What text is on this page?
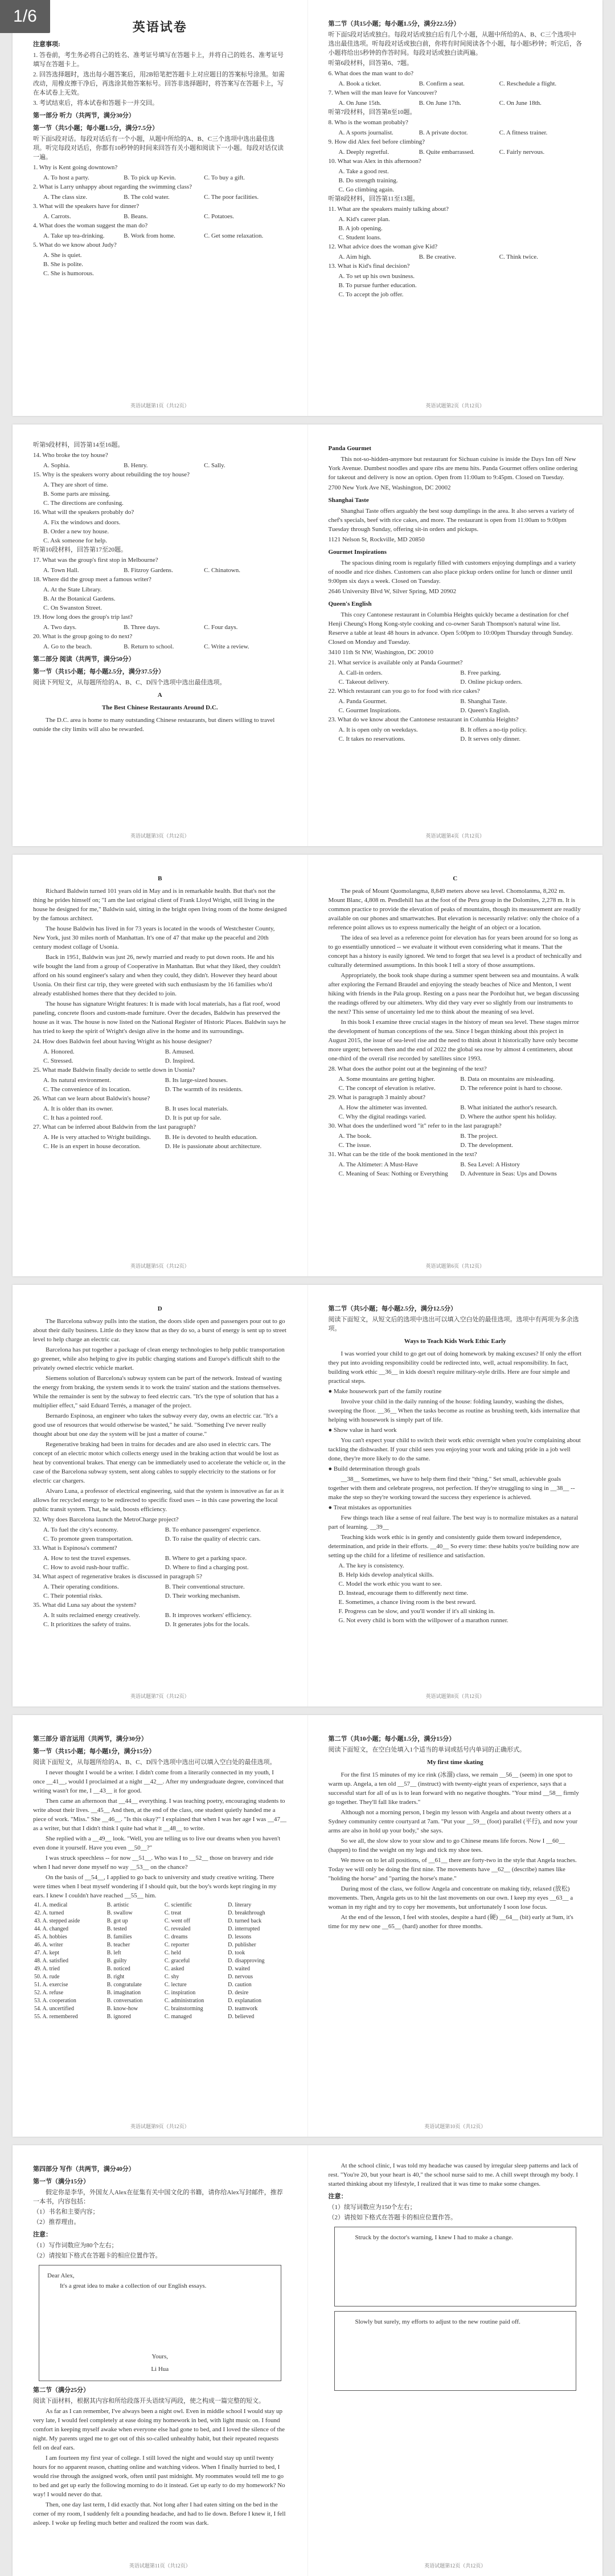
1/6
英语试卷
注意事项:

1. 答卷前，考生务必将自己的姓名、准考证号填写在答题卡上，并将自己的姓名、准考证号填写在答题卡上。

2. 回答选择题时，选出每小题答案后，用2B铅笔把答题卡上对应题目的答案标号涂黑。如需改动，用橡皮擦干净后，再选涂其他答案标号。回答非选择题时，将答案写在答题卡上，写在本试卷上无效。

3. 考试结束后，将本试卷和答题卡一并交回。

第一部分 听力（共两节，满分30分）
第一节（共5小题；每小题1.5分，满分7.5分）

听下面5段对话。每段对话后有一个小题，从题中所给的A、B、C三个选项中选出最佳选项。听完每段对话后，你都有10秒钟的时间来回答有关小题和阅读下一小题。每段对话仅读一遍。

1. Why is Kent going downtown?

A. To host a party.	B. To pick up Kevin.	C. To buy a gift.

2. What is Larry unhappy about regarding the swimming class?

A. The class size.	B. The cold water.	C. The poor facilities.

3. What will the speakers have for dinner?

A. Carrots.	B. Beans.	C. Potatoes.

4. What does the woman suggest the man do?

A. Take up tea-drinking.	B. Work from home.	C. Get some relaxation.

5. What do we know about Judy?

A. She is quiet.
B. She is polite.
C. She is humorous.
英语试题第1页（共12页）
第二节（共15小题；每小题1.5分，满分22.5分）

听下面5段对话或独白。每段对话或独白后有几个小题，从题中所给的A、B、C三个选项中选出最佳选项。听每段对话或独白前，你将有时间阅读各个小题，每小题5秒钟；听完后，各小题将给出5秒钟的作答时间。每段对话或独白读两遍。

听第6段材料，回答第6、7题。

6. What does the man want to do?

A. Book a ticket.	B. Confirm a seat.	C. Reschedule a flight.

7. When will the man leave for Vancouver?

A. On June 15th.	B. On June 17th.	C. On June 18th.

听第7段材料，回答第8至10题。

8. Who is the woman probably?

A. A sports journalist.	B. A private doctor.	C. A fitness trainer.

9. How did Alex feel before climbing?

A. Deeply regretful.	B. Quite embarrassed.	C. Fairly nervous.

10. What was Alex in this afternoon?

A. Take a good rest.
B. Do strength training.
C. Go climbing again.

听第8段材料，回答第11至13题。

11. What are the speakers mainly talking about?

A. Kid's career plan.
B. A job opening.
C. Student loans.

12. What advice does the woman give Kid?

A. Aim high.	B. Be creative.	C. Think twice.

13. What is Kid's final decision?

A. To set up his own business.
B. To pursue further education.
C. To accept the job offer.
英语试题第2页（共12页）

听第9段材料，回答第14至16题。

14. Who broke the toy house?

A. Sophia.	B. Henry.	C. Sally.

15. Why is the speakers worry about rebuilding the toy house?

A. They are short of time.
B. Some parts are missing.
C. The directions are confusing.

16. What will the speakers probably do?

A. Fix the windows and doors.
B. Order a new toy house.
C. Ask someone for help.

听第10段材料，回答第17至20题。

17. What was the group's first stop in Melbourne?

A. Town Hall.	B. Fitzroy Gardens.	C. Chinatown.

18. Where did the group meet a famous writer?

A. At the State Library.
B. At the Botanical Gardens.
C. On Swanston Street.

19. How long does the group's trip last?

A. Two days.	B. Three days.	C. Four days.

20. What is the group going to do next?

A. Go to the beach.	B. Return to school.	C. Write a review.
第二部分 阅读（共两节，满分50分）
第一节（共15小题；每小题2.5分，满分37.5分）

阅读下列短文，从每题所给的A、B、C、D四个选项中选出最佳选项。

A
The Best Chinese Restaurants Around D.C.

The D.C. area is home to many outstanding Chinese restaurants, but diners willing to travel outside the city limits will also be rewarded.

英语试题第3页（共12页）
Panda Gourmet

This not-so-hidden-anymore but restaurant for Sichuan cuisine is inside the Days Inn off New York Avenue. Dumbest noodles and spare ribs are menu hits. Panda Gourmet offers online ordering for takeout and delivery is now an option. Open from 11:00am to 9:45pm. Closed on Tuesday.

2700 New York Ave NE, Washington, DC 20002

Shanghai Taste

Shanghai Taste offers arguably the best soup dumplings in the area. It also serves a variety of chef's specials, beef with rice cakes, and more. The restaurant is open from 11:00am to 9:00pm Tuesday through Sunday, offering sit-in orders and pickups.

1121 Nelson St, Rockville, MD 20850

Gourmet Inspirations

The spacious dining room is regularly filled with customers enjoying dumplings and a variety of noodle and rice dishes. Customers can also place pickup orders online for lunch or dinner until 9:00pm six days a week. Closed on Tuesday.

2646 University Blvd W, Silver Spring, MD 20902

Queen's English

This cozy Cantonese restaurant in Columbia Heights quickly became a destination for chef Henji Cheung's Hong Kong-style cooking and co-owner Sarah Thompson's natural wine list. Reserve a table at least 48 hours in advance. Open 5:00pm to 10:00pm Thursday through Sunday. Closed on Monday and Tuesday.

3410 11th St NW, Washington, DC 20010

21. What service is available only at Panda Gourmet?

A. Call-in orders.	B. Free parking.
C. Takeout delivery.	D. Online pickup orders.

22. Which restaurant can you go to for food with rice cakes?

A. Panda Gourmet.	B. Shanghai Taste.
C. Gourmet Inspirations.	D. Queen's English.

23. What do we know about the Cantonese restaurant in Columbia Heights?

A. It is open only on weekdays.	B. It offers a no-tip policy.
C. It takes no reservations.	D. It serves only dinner.
英语试题第4页（共12页）
B

Richard Baldwin turned 101 years old in May and is in remarkable health. But that's not the thing he prides himself on; "I am the last original client of Frank Lloyd Wright, still living in the house he designed for me," Baldwin said, sitting in the bright open living room of the home designed by the famous architect.

The house Baldwin has lived in for 73 years is located in the woods of Westchester County, New York, just 30 miles north of Manhattan. It's one of 47 that make up the peaceful and 20th century modest collage of Usonia.

Back in 1951, Baldwin was just 26, newly married and ready to put down roots. He and his wife bought the land from a group of Cooperative in Manhattan. But what they liked, they couldn't afford on his sound engineer's salary and when they could, they didn't. However they heard about Usonia. On their first car trip, they were greeted with such enthusiasm by the 16 families who'd already established homes there that they decided to join.

The house has signature Wright features: It is made with local materials, has a flat roof, wood paneling, concrete floors and custom-made furniture. Over the decades, Baldwin has preserved the house as it was. The house is now listed on the National Register of Historic Places. Baldwin says he has tried to keep the spirit of Wright's design alive in the home and its surroundings.

24. How does Baldwin feel about having Wright as his house designer?

A. Honored.	B. Amused.
C. Stressed.	D. Inspired.

25. What made Baldwin finally decide to settle down in Usonia?

A. Its natural environment.	B. Its large-sized houses.
C. The convenience of its location.	D. The warmth of its residents.

26. What can we learn about Baldwin's house?

A. It is older than its owner.	B. It uses local materials.
C. It has a pointed roof.	D. It is put up for sale.

27. What can be inferred about Baldwin from the last paragraph?

A. He is very attached to Wright buildings.	B. He is devoted to health education.
C. He is an expert in house decoration.	D. He is passionate about architecture.
英语试题第5页（共12页）
C

The peak of Mount Quomolangma, 8,849 meters above sea level. Chomolanma, 8,202 m. Mount Blanc, 4,808 m. Pendlehill has at the foot of the Peru group in the Dolomites, 2,278 m. It is common practice to provide the elevation of peaks of mountains, though its measurement are readily available on our phones and smartwatches. But elevation is necessarily relative: only the choice of a reference point allows us to express numerically the height of an object or a location.

The idea of sea level as a reference point for elevation has for years been around for so long as to go essentially unnoticed -- we evaluate it without even considering what it means. That the concept has a history is easily ignored. We tend to forget that sea level is a product of technically and culturally determined assumptions. In this book I tell a story of those assumptions.

Appropriately, the book took shape during a summer spent between sea and mountains. A walk after exploring the Fernand Braudel and enjoying the steady beaches of Nice and Menton, I went hiking with friends in the Pala group. Resting on a pass near the Pordoihut hut, we began discussing the readings offered by our altimeters. Why did they vary ever so slightly from our instruments to the next? This sense of uncertainty led me to think about the meaning of sea level.

In this book I examine three crucial stages in the history of mean sea level. These stages mirror the development of human conceptions of the sea. Since I began thinking about this project in August 2015, the issue of sea-level rise and the need to think about it historically have only become more urgent; between then and the end of 2022 the global sea rose by almost 4 centimeters, about one-third of the overall rise recorded by satellites since 1993.

28. What does the author point out at the beginning of the text?

A. Some mountains are getting higher.	B. Data on mountains are misleading.
C. The concept of elevation is relative.	D. The reference point is hard to choose.

29. What is paragraph 3 mainly about?

A. How the altimeter was invented.	B. What initiated the author's research.
C. Why the digital readings varied.	D. Where the author spent his holiday.

30. What does the underlined word "it" refer to in the last paragraph?

A. The book.	B. The project.
C. The issue.	D. The development.

31. What can be the title of the book mentioned in the text?

A. The Altimeter: A Must-Have	B. Sea Level: A History
C. Meaning of Seas: Nothing or Everything	D. Adventure in Seas: Ups and Downs
英语试题第6页（共12页）
D

The Barcelona subway pulls into the station, the doors slide open and passengers pour out to go about their daily business. Little do they know that as they do so, a burst of energy is sent up to street level to help charge an electric car.

Barcelona has put together a package of clean energy technologies to help public transportation go greener, while also helping to give its public charging stations and Europe's difficult shift to the privately owned electric vehicle market.

Siemens solution of Barcelona's subway system can be part of the network. Instead of wasting the energy from braking, the system sends it to work the trains' station and the stations themselves. While the remainder is sent by the subway to feed electric cars. "It's the type of solution that has a multiplier effect," said Eduard Terrés, a manager of the project.

Bernardo Espinosa, an engineer who takes the subway every day, owns an electric car. "It's a good use of resources that would otherwise be wasted," he said. "Something I've never really thought about but one day the system will be just a matter of course."

Regenerative braking had been in trains for decades and are also used in electric cars. The concept of an electric motor which collects energy used in the braking action that would be lost as heat by conventional brakes. That energy can be immediately used to accelerate the vehicle or, in the case of the Barcelona subway system, sent along cables to supply electricity to the stations or for electric car chargers.

Alvaro Luna, a professor of electrical engineering, said that the system is innovative as far as it allows for recycled energy to be redirected to specific fixed uses -- in this case powering the local public transit system. That, he said, boosts efficiency.

32. Why does Barcelona launch the MetroCharge project?

A. To fuel the city's economy.	B. To enhance passengers' experience.
C. To promote green transportation.	D. To raise the quality of electric cars.

33. What is Espinosa's comment?

A. How to test the travel expenses.	B. Where to get a parking space.
C. How to avoid rush-hour traffic.	D. Where to find a charging post.

34. What aspect of regenerative brakes is discussed in paragraph 5?

A. Their operating conditions.	B. Their conventional structure.
C. Their potential risks.	D. Their working mechanism.

35. What did Luna say about the system?

A. It suits reclaimed energy creatively.	B. It improves workers' efficiency.
C. It prioritizes the safety of trains.	D. It generates jobs for the locals.
英语试题第7页（共12页）
第二节（共5小题；每小题2.5分，满分12.5分）

阅读下面短文，从短文后的选项中选出可以填入空白处的最佳选项。选项中有两项为多余选项。

Ways to Teach Kids Work Ethic Early

I was worried your child to go get out of doing homework by making excuses? If only the effort they put into avoiding responsibility could be redirected into, well, actual responsibility. In fact, building work ethic __36__ in kids doesn't require military-style drills. Here are four simple and practical steps.

● Make housework part of the family routine

Involve your child in the daily running of the house: folding laundry, washing the dishes, sweeping the floor. __36__ When the tasks become as routine as brushing teeth, kids internalize that helping with housework is simply part of life.

● Show value in hard work

You can't expect your child to switch their work ethic overnight when you're complaining about tackling the dishwasher. If your child sees you enjoying your work and taking pride in a job well done, they're more likely to do the same.

● Build determination through goals

__38__ Sometimes, we have to help them find their "thing." Set small, achievable goals together with them and celebrate progress, not perfection. If they're struggling to sing in __38__ -- make the step so they're working toward the success they experience is achieved.

● Treat mistakes as opportunities

Few things teach like a sense of real failure. The best way is to normalize mistakes as a natural part of learning. __39__

Teaching kids work ethic is in gently and consistently guide them toward independence, determination, and pride in their efforts. __40__ So every time: these habits you're building now are setting up the child for a lifetime of resilience and satisfaction.

A. The key is consistency.
B. Help kids develop analytical skills.
C. Model the work ethic you want to see.
D. Instead, encourage them to differently next time.
E. Sometimes, a chance living room is the best reward.
F. Progress can be slow, and you'll wonder if it's all sinking in.
G. Not every child is born with the willpower of a marathon runner.
英语试题第8页（共12页）
第三部分 语言运用（共两节，满分30分）
第一节（共15小题；每小题1分，满分15分）

阅读下面短文，从每题所给的A、B、C、D四个选项中选出可以填入空白处的最佳选项。

I never thought I would be a writer. I didn't come from a literarily connected in my youth, I once __41__, would I proclaimed at a night __42__. After my undergraduate degree, convinced that writing wasn't for me, I __43__ it for good.

Then came an afternoon that __44__ everything. I was teaching poetry, encouraging students to write about their lives. __45__ And then, at the end of the class, one student quietly handed me a piece of work. "Miss." She __46__. "Is this okay?" I explained that when I was her age I was __47__ as a writer, but that I didn't think I quite had what it __48__ to write.

She replied with a __49__ look. "Well, you are telling us to live our dreams when you haven't even done it yourself. Have you even __50__?"

I was struck speechless -- for now __51__. Who was I to __52__ those on bravery and ride when I had never done myself no way __53__ on the chance?

On the basis of __54__, I applied to go back to university and study creative writing. There were times when I beat myself wondering if I should quit, but the boy's words kept ringing in my ears. I knew I couldn't have reached __55__ him.

41. A. medical	B. artistic	C. scientific	D. literary
42. A. turned	B. swallow	C. treat	D. breakthrough
43. A. stepped aside	B. got up	C. went off	D. turned back
44. A. changed	B. tested	C. revealed	D. interrupted
45. A. hobbies	B. families	C. dreams	D. lessons
46. A. writer	B. teacher	C. reporter	D. publisher
47. A. kept	B. left	C. held	D. took
48. A. satisfied	B. guilty	C. graceful	D. disapproving
49. A. tried	B. noticed	C. asked	D. waited
50. A. rude	B. right	C. shy	D. nervous
51. A. exercise	B. congratulate	C. lecture	D. caution
52. A. refuse	B. imagination	C. inspiration	D. desire
53. A. cooperation	B. conversation	C. administration	D. explanation
54. A. uncertified	B. know-how	C. brainstorming	D. teamwork
55. A. remembered	B. ignored	C. managed	D. believed
英语试题第9页（共12页）
第二节（共10小题；每小题1.5分，满分15分）

阅读下面短文，在空白处填入1个适当的单词或括号内单词的正确形式。

My first time skating

For the first 15 minutes of my ice rink (冰溜) class, we remain __56__ (seem) in one spot to warm up. Angela, a ten old __57__ (instruct) with twenty-eight years of experience, says that a successful start for all of us is to lean forward with no negative thoughts. "Your mind __58__ firmly go together. They'll fall like traders."

Although not a morning person, I begin my lesson with Angela and about twenty others at a Sydney community centre courtyard at 7am. "Put your __59__ (foot) parallel (平行), and now your arms are also in hold up your body," she says.

So we all, the slow slow to your slow and to go Chinese means life forces. Now I __60__ (happen) to find the weight on my legs and tick my shoe tees.

We move on to let all positions, of __61__ there are forty-two in the style that Angela teaches. Today we will only be doing the first nine. The movements have __62__ (describe) names like "holding the horse" and "parting the horse's mane."

During most of the class, we follow Angela and concentrate on making tidy, relaxed (放松) movements. Then, Angela gets us to hit the last movements on our own. I keep my eyes __63__ a woman in my right and try to copy her movements, but unfortunately I soon lose focus.

At the end of the lesson, I feel with stooles, despite a hard (硬) __64__ (bit) early at 9am, it's time for my new one __65__ (hard) another for three months.

英语试题第10页（共12页）
第四部分 写作（共两节，满分40分）
第一节（满分15分）

假定你是李华，外国友人Alex在征集有关中国文化的书籍，请你给Alex写封邮件，推荐一本书，内容包括：

（1）书名和主要内容；

（2）推荐理由。

注意：

（1）写作词数应为80个左右；

（2）请按如下格式在答题卡的相应位置作答。

Dear Alex,

It's a great idea to make a collection of our English essays.

Yours,

Li Hua

第二节（满分25分）

阅读下面材料，根据其内容和所给段落开头语续写两段，使之构成一篇完整的短文。

As far as I can remember, I've always been a night owl. Even in middle school I would stay up very late, I would feel completely at ease doing my homework in bed, with light music on. I found comfort in keeping myself awake when everyone else had gone to bed, and I loved the silence of the night. My parents urged me to get out of this so-called unhealthy habit, but their repeated requests fell on deaf ears.

I am fourteen my first year of college. I still loved the night and would stay up until twenty hours for no apparent reason, chatting online and watching videos. When I finally hurried to bed, I would rise through the assigned work, often until past midnight. My roommates would tell me to go to bed and get up early the following morning to do it instead. Get up early to do my homework? No way! I would never do that.

Then, one day last term, I did exactly that. Not long after I had eaten sitting on the bed in the corner of my room, I suddenly felt a pounding headache, and had to lie down. Before I knew it, I fell asleep. I woke up feeling much better and realized the room was dark.

英语试题第11页（共12页）

At the school clinic, I was told my headache was caused by irregular sleep patterns and lack of rest. "You're 20, but your heart is 40," the school nurse said to me. A chill swept through my body. I started thinking about my lifestyle, I realized that it was time to make some changes.

注意：

（1）续写词数应为150个左右；

（2）请按如下格式在答题卡的相应位置作答。

Struck by the doctor's warning, I knew I had to make a change.

Slowly but surely, my efforts to adjust to the new routine paid off.

英语试题第12页（共12页）
